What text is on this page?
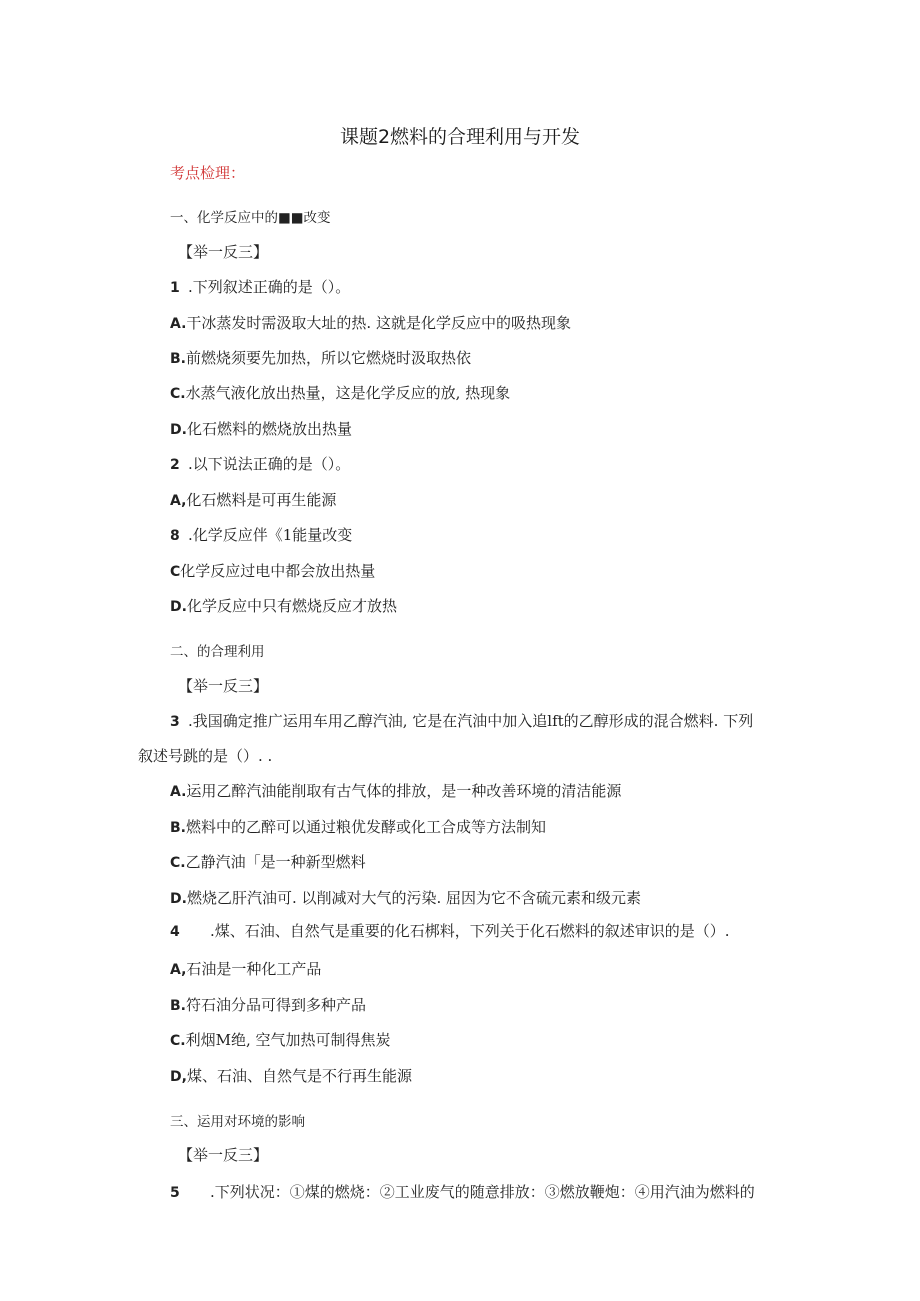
课题2燃料的合理利用与开发
考点检理：
一、化学反应中的■■改变
【举一反三】
1 .下列叙述正确的是（）。
A.干冰蒸发时需汲取大址的热. 这就是化学反应中的吸热现象
B.前燃烧须要先加热，所以它燃烧时汲取热依
C.水蒸气液化放出热量，这是化学反应的放, 热现象
D.化石燃料的燃烧放出热量
2 .以下说法正确的是（）。
A,化石燃料是可再生能源
8 .化学反应伴《1能量改变
C化学反应过电中都会放出热量
D.化学反应中只有燃烧反应才放热
二、的合理利用
【举一反三】
3 .我国确定推广运用车用乙醇汽油, 它是在汽油中加入追lft的乙醇形成的混合燃料. 下列
叙述号跳的是（）. .
A.运用乙醉汽油能削取有古气体的排放，是一种改善环境的清洁能源
B.燃料中的乙醉可以通过粮优发酵或化工合成等方法制知
C.乙静汽油「是一种新型燃料
D.燃烧乙肝汽油可. 以削减对大气的污染. 屈因为它不含硫元素和级元素
4 .煤、石油、自然气是重要的化石梆料，下列关于化石燃料的叙述审识的是（）.
A,石油是一种化工产品
B.符石油分品可得到多种产品
C.利烟M绝, 空气加热可制得焦炭
D,煤、石油、自然气是不行再生能源
三、运用对环境的影响
【举一反三】
5 .下列状况：①煤的燃烧：②工业废气的随意排放：③燃放鞭炮：④用汽油为燃料的
